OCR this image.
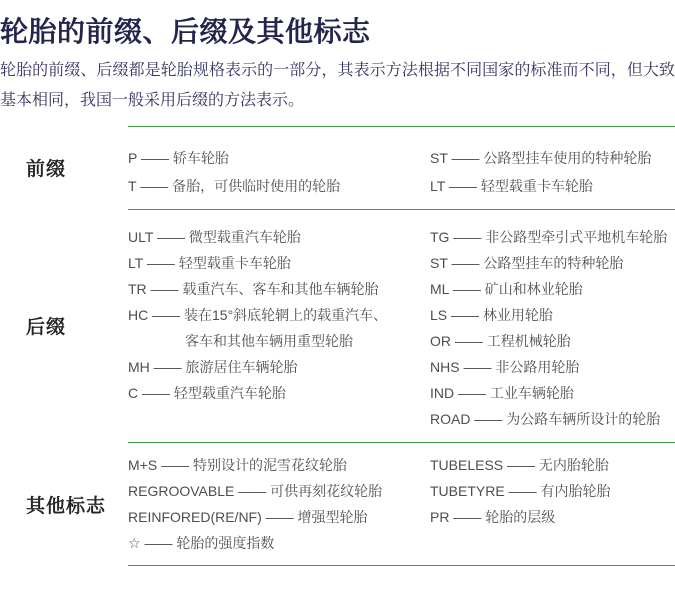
轮胎的前缀、后缀及其他标志

轮胎的前缀、后缀都是轮胎规格表示的一部分，其表示方法根据不同国家的标准而不同，但大致基本相同，我国一般采用后缀的方法表示。

前缀
P —— 轿车轮胎
T —— 备胎，可供临时使用的轮胎
ST —— 公路型挂车使用的特种轮胎
LT —— 轻型载重卡车轮胎
后缀
ULT —— 微型载重汽车轮胎
LT —— 轻型载重卡车轮胎
TR —— 载重汽车、客车和其他车辆轮胎
HC —— 装在15°斜底轮辋上的载重汽车、
客车和其他车辆用重型轮胎
MH —— 旅游居住车辆轮胎
C —— 轻型载重汽车轮胎
TG —— 非公路型牵引式平地机车轮胎
ST —— 公路型挂车的特种轮胎
ML —— 矿山和林业轮胎
LS —— 林业用轮胎
OR —— 工程机械轮胎
NHS —— 非公路用轮胎
IND —— 工业车辆轮胎
ROAD —— 为公路车辆所设计的轮胎
其他标志
M+S —— 特别设计的泥雪花纹轮胎
REGROOVABLE —— 可供再刻花纹轮胎
REINFORED(RE/NF) —— 增强型轮胎
☆ —— 轮胎的强度指数
TUBELESS —— 无内胎轮胎
TUBETYRE —— 有内胎轮胎
PR —— 轮胎的层级
